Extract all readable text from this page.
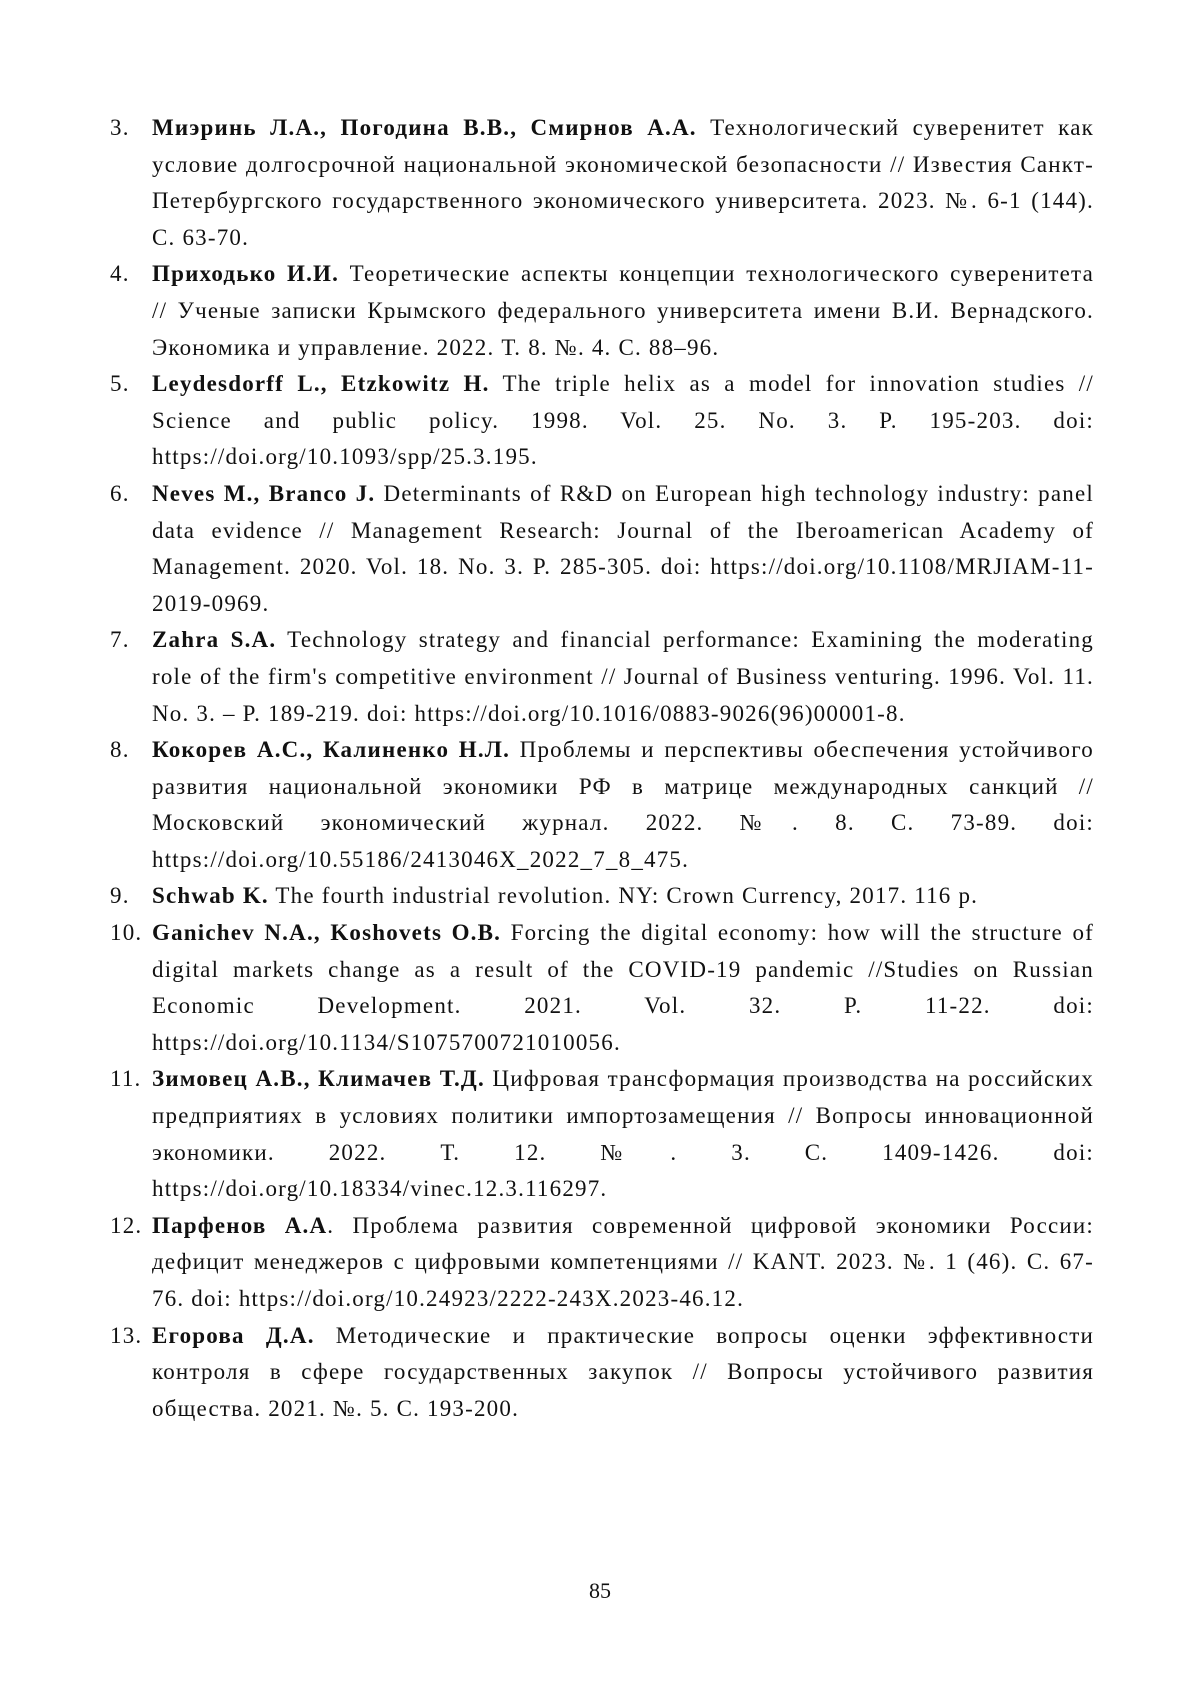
3. Миэринь Л.А., Погодина В.В., Смирнов А.А. Технологический суверенитет как условие долгосрочной национальной экономической безопасности // Известия Санкт-Петербургского государственного экономического университета. 2023. №. 6-1 (144). С. 63-70.
4. Приходько И.И. Теоретические аспекты концепции технологического суверенитета // Ученые записки Крымского федерального университета имени В.И. Вернадского. Экономика и управление. 2022. Т. 8. №. 4. С. 88–96.
5. Leydesdorff L., Etzkowitz H. The triple helix as a model for innovation studies // Science and public policy. 1998. Vol. 25. No. 3. P. 195-203. doi: https://doi.org/10.1093/spp/25.3.195.
6. Neves M., Branco J. Determinants of R&D on European high technology industry: panel data evidence // Management Research: Journal of the Iberoamerican Academy of Management. 2020. Vol. 18. No. 3. P. 285-305. doi: https://doi.org/10.1108/MRJIAM-11-2019-0969.
7. Zahra S.A. Technology strategy and financial performance: Examining the moderating role of the firm's competitive environment // Journal of Business venturing. 1996. Vol. 11. No. 3. – P. 189-219. doi: https://doi.org/10.1016/0883-9026(96)00001-8.
8. Кокорев А.С., Калиненко Н.Л. Проблемы и перспективы обеспечения устойчивого развития национальной экономики РФ в матрице международных санкций // Московский экономический журнал. 2022. №. 8. С. 73-89. doi: https://doi.org/10.55186/2413046X_2022_7_8_475.
9. Schwab K. The fourth industrial revolution. NY: Crown Currency, 2017. 116 p.
10. Ganichev N.A., Koshovets O.B. Forcing the digital economy: how will the structure of digital markets change as a result of the COVID-19 pandemic //Studies on Russian Economic Development. 2021. Vol. 32. P. 11-22. doi: https://doi.org/10.1134/S1075700721010056.
11. Зимовец А.В., Климачев Т.Д. Цифровая трансформация производства на российских предприятиях в условиях политики импортозамещения // Вопросы инновационной экономики. 2022. Т. 12. №. 3. С. 1409-1426. doi: https://doi.org/10.18334/vinec.12.3.116297.
12. Парфенов А.А. Проблема развития современной цифровой экономики России: дефицит менеджеров с цифровыми компетенциями // KANT. 2023. №. 1 (46). С. 67-76. doi: https://doi.org/10.24923/2222-243X.2023-46.12.
13. Егорова Д.А. Методические и практические вопросы оценки эффективности контроля в сфере государственных закупок // Вопросы устойчивого развития общества. 2021. №. 5. С. 193-200.
85
